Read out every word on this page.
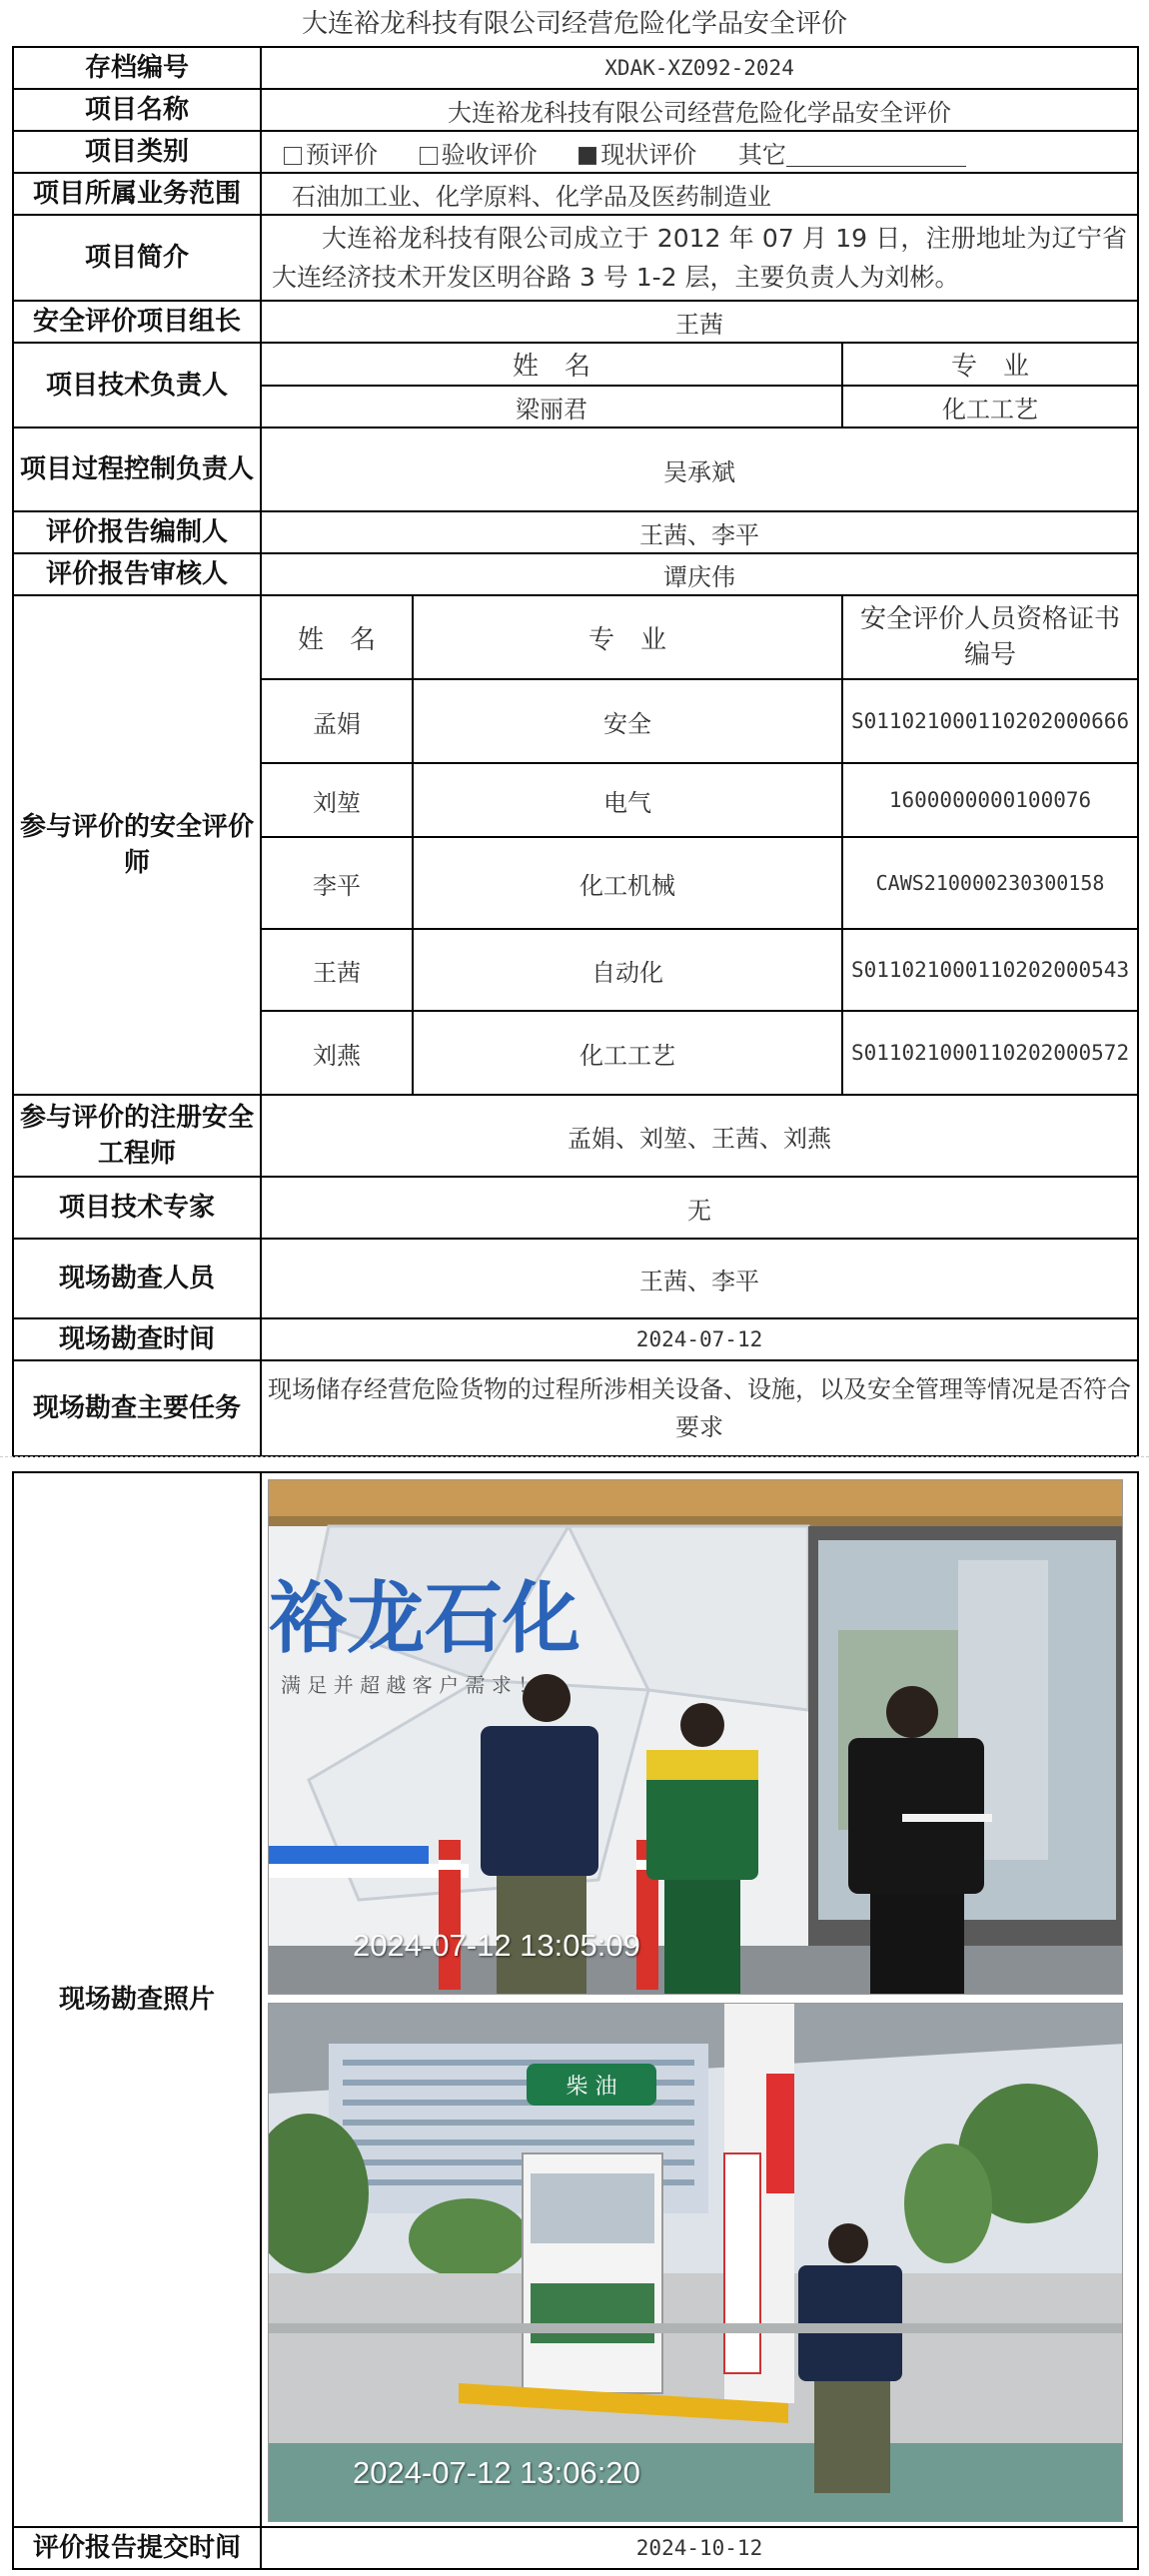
大连裕龙科技有限公司经营危险化学品安全评价
存档编号	XDAK-XZ092-2024		
项目名称	大连裕龙科技有限公司经营危险化学品安全评价		
项目类别	预评价 验收评价 现状评价 其它		
项目所属业务范围	石油加工业、化学原料、化学品及医药制造业		
项目简介	大连裕龙科技有限公司成立于 2012 年 07 月 19 日，注册地址为辽宁省大连经济技术开发区明谷路 3 号 1-2 层，主要负责人为刘彬。		
安全评价项目组长	王茜		
项目技术负责人	姓　名		专　业
	梁丽君		化工工艺
项目过程控制负责人	吴承斌		
评价报告编制人	王茜、李平		
评价报告审核人	谭庆伟		
参与评价的安全评价师	姓　名	专　业	安全评价人员资格证书编号
	孟娟	安全	S011021000110202000666
	刘堃	电气	1600000000100076
	李平	化工机械	CAWS210000230300158
	王茜	自动化	S011021000110202000543
	刘燕	化工工艺	S011021000110202000572
参与评价的注册安全工程师	孟娟、刘堃、王茜、刘燕		
项目技术专家	无		
现场勘查人员	王茜、李平		
现场勘查时间	2024-07-12		
现场勘查主要任务	现场储存经营危险货物的过程所涉相关设备、设施，以及安全管理等情况是否符合要求		
现场勘查照片	裕龙石化
满 足 并 超 越 客 户 需 求 ！
2024-07-12 13:05:09
柴 油
2024-07-12 13:06:20

评价报告提交时间	2024-10-12
